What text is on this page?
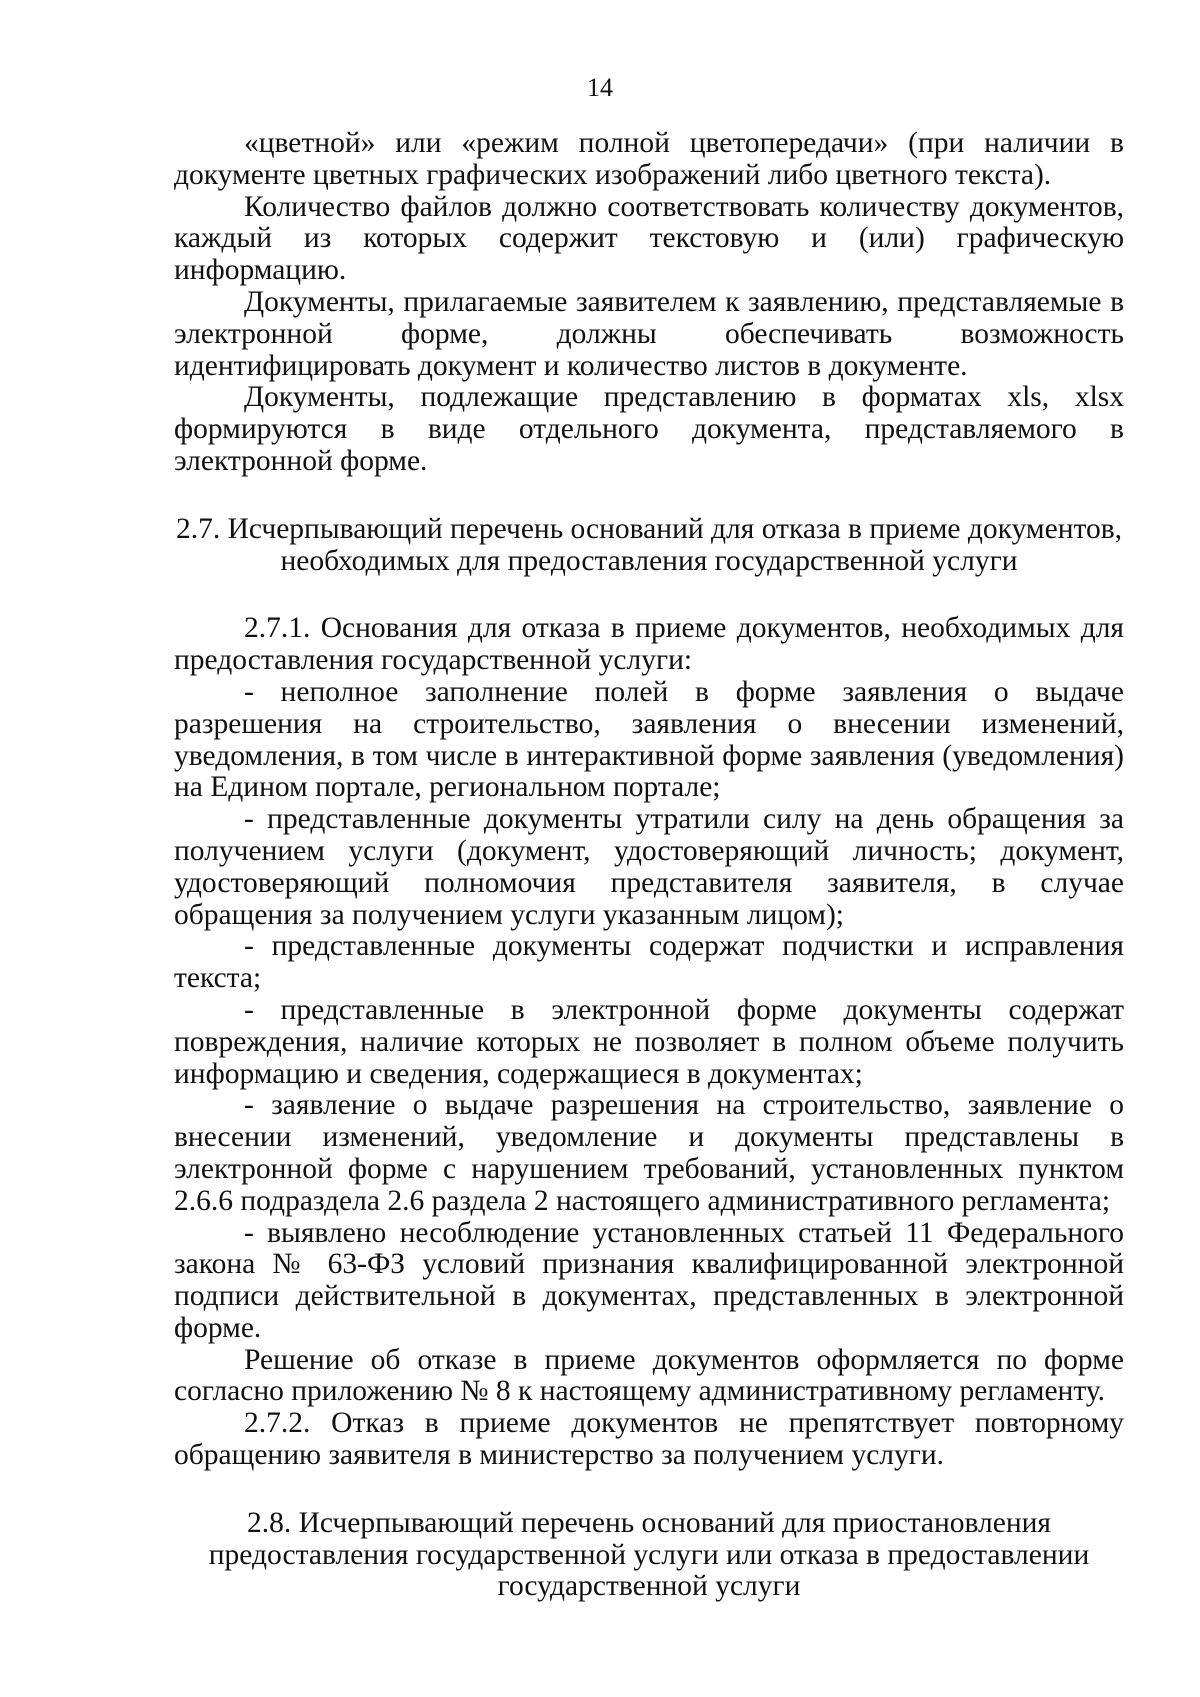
14

«цветной» или «режим полной цветопередачи» (при наличии в документе цветных графических изображений либо цветного текста).

Количество файлов должно соответствовать количеству документов, каждый из которых содержит текстовую и (или) графическую информацию.

Документы, прилагаемые заявителем к заявлению, представляемые в электронной форме, должны обеспечивать возможность идентифицировать документ и количество листов в документе.

Документы, подлежащие представлению в форматах xls, xlsx формируются в виде отдельного документа, представляемого в электронной форме.

2.7. Исчерпывающий перечень оснований для отказа в приеме документов, необходимых для предоставления государственной услуги

2.7.1. Основания для отказа в приеме документов, необходимых для предоставления государственной услуги:

- неполное заполнение полей в форме заявления о выдаче разрешения на строительство, заявления о внесении изменений, уведомления, в том числе в интерактивной форме заявления (уведомления) на Едином портале, региональном портале;

- представленные документы утратили силу на день обращения за получением услуги (документ, удостоверяющий личность; документ, удостоверяющий полномочия представителя заявителя, в случае обращения за получением услуги указанным лицом);

- представленные документы содержат подчистки и исправления текста;

- представленные в электронной форме документы содержат повреждения, наличие которых не позволяет в полном объеме получить информацию и сведения, содержащиеся в документах;

- заявление о выдаче разрешения на строительство, заявление о внесении изменений, уведомление и документы представлены в электронной форме с нарушением требований, установленных пунктом 2.6.6 подраздела 2.6 раздела 2 настоящего административного регламента;

- выявлено несоблюдение установленных статьей 11 Федерального закона № 63-ФЗ условий признания квалифицированной электронной подписи действительной в документах, представленных в электронной форме.

Решение об отказе в приеме документов оформляется по форме согласно приложению № 8 к настоящему административному регламенту.

2.7.2. Отказ в приеме документов не препятствует повторному обращению заявителя в министерство за получением услуги.

2.8. Исчерпывающий перечень оснований для приостановления предоставления государственной услуги или отказа в предоставлении государственной услуги
